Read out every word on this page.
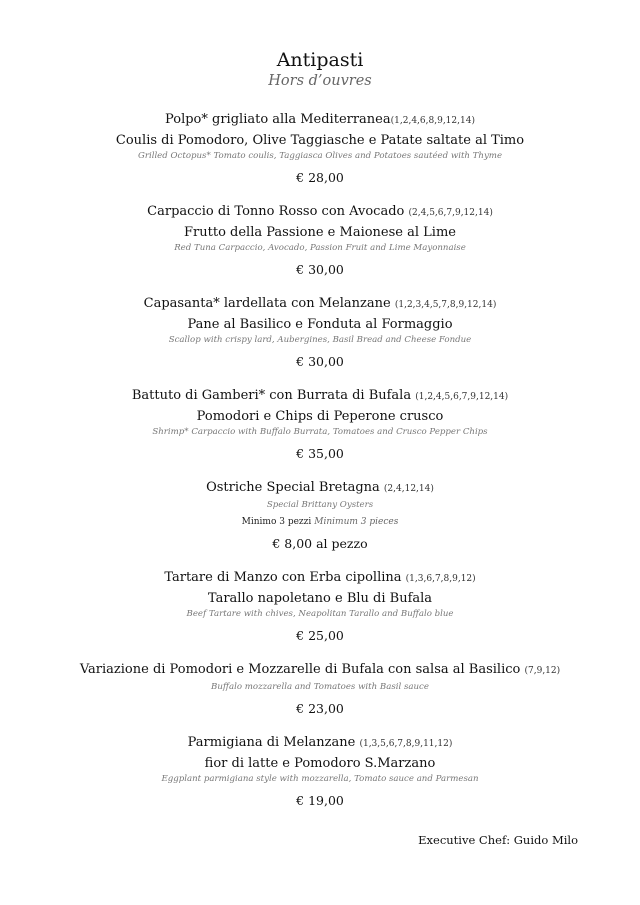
Antipasti
Hors d’ouvres
Polpo* grigliato alla Mediterranea(1,2,4,6,8,9,12,14)
Coulis di Pomodoro, Olive Taggiasche e Patate saltate al Timo
Grilled Octopus* Tomato coulis, Taggiasca Olives and Potatoes sautéed with Thyme
€ 28,00
Carpaccio di Tonno Rosso con Avocado (2,4,5,6,7,9,12,14)
Frutto della Passione e Maionese al Lime
Red Tuna Carpaccio, Avocado, Passion Fruit and Lime Mayonnaise
€ 30,00
Capasanta* lardellata con Melanzane (1,2,3,4,5,7,8,9,12,14)
Pane al Basilico e Fonduta al Formaggio
Scallop with crispy lard, Aubergines, Basil Bread and Cheese Fondue
€ 30,00
Battuto di Gamberi* con Burrata di Bufala (1,2,4,5,6,7,9,12,14)
Pomodori e Chips di Peperone crusco
Shrimp* Carpaccio with Buffalo Burrata, Tomatoes and Crusco Pepper Chips
€ 35,00
Ostriche Special Bretagna (2,4,12,14)
Special Brittany Oysters
Minimo 3 pezzi Minimum 3 pieces
€ 8,00 al pezzo
Tartare di Manzo con Erba cipollina (1,3,6,7,8,9,12)
Tarallo napoletano e Blu di Bufala
Beef Tartare with chives, Neapolitan Tarallo and Buffalo blue
€ 25,00
Variazione di Pomodori e Mozzarelle di Bufala con salsa al Basilico (7,9,12)
Buffalo mozzarella and Tomatoes with Basil sauce
€ 23,00
Parmigiana di Melanzane (1,3,5,6,7,8,9,11,12)
fior di latte e Pomodoro S.Marzano
Eggplant parmigiana style with mozzarella, Tomato sauce and Parmesan
€ 19,00
Executive Chef: Guido Milo
